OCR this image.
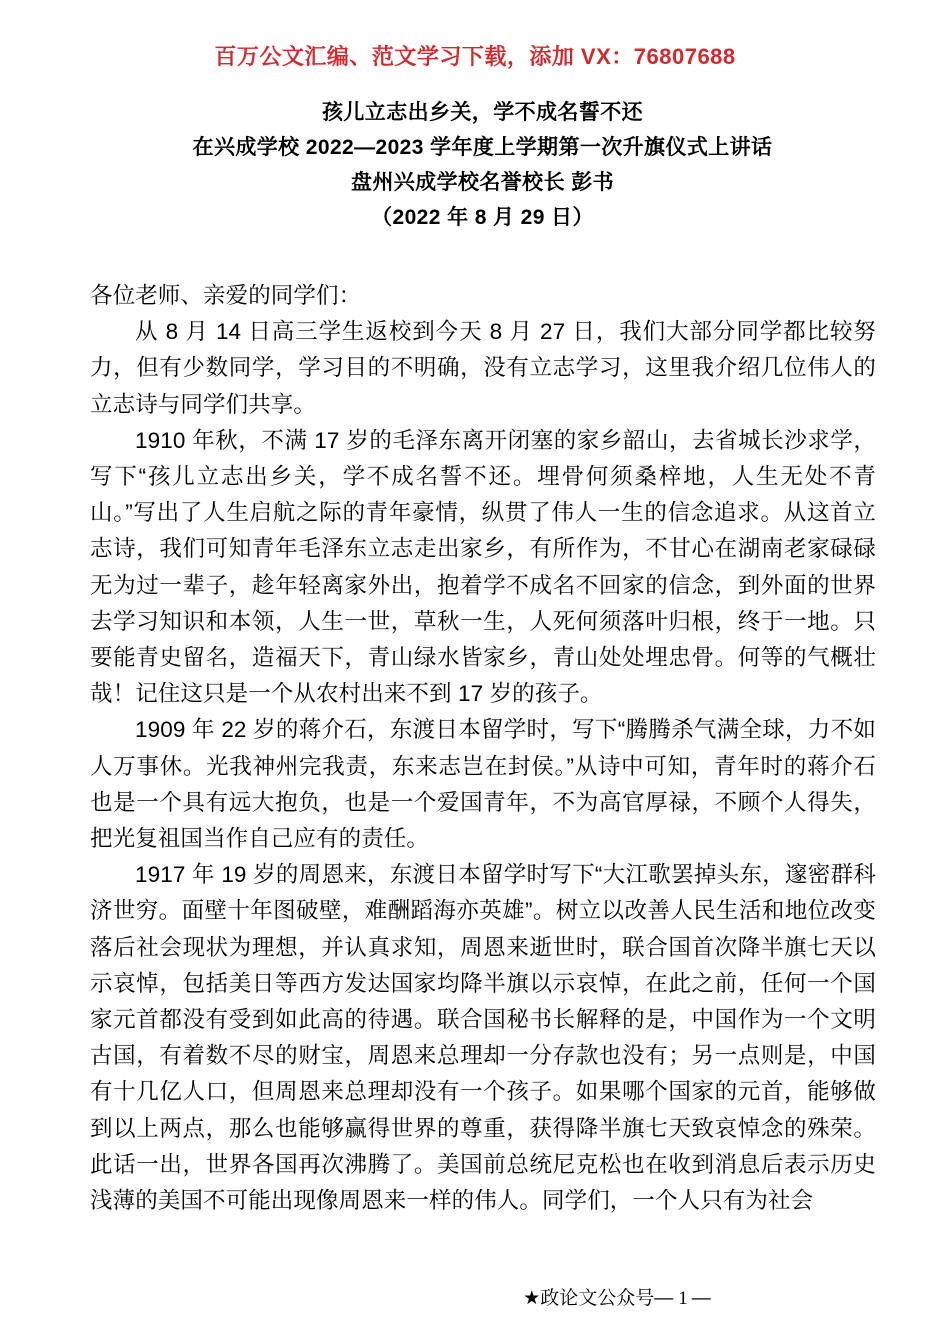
百万公文汇编、范文学习下载，添加 VX：76807688
孩儿立志出乡关，学不成名誓不还
在兴成学校 2022—2023 学年度上学期第一次升旗仪式上讲话
盘州兴成学校名誉校长 彭书
（2022 年 8 月 29 日）

各位老师、亲爱的同学们：

从 8 月 14 日高三学生返校到今天 8 月 27 日，我们大部分同学都比较努力，但有少数同学，学习目的不明确，没有立志学习，这里我介绍几位伟人的立志诗与同学们共享。

1910 年秋，不满 17 岁的毛泽东离开闭塞的家乡韶山，去省城长沙求学，写下“孩儿立志出乡关，学不成名誓不还。埋骨何须桑梓地，人生无处不青山。”写出了人生启航之际的青年豪情，纵贯了伟人一生的信念追求。从这首立志诗，我们可知青年毛泽东立志走出家乡，有所作为，不甘心在湖南老家碌碌无为过一辈子，趁年轻离家外出，抱着学不成名不回家的信念，到外面的世界去学习知识和本领，人生一世，草秋一生，人死何须落叶归根，终于一地。只要能青史留名，造福天下，青山绿水皆家乡，青山处处埋忠骨。何等的气概壮哉！记住这只是一个从农村出来不到 17 岁的孩子。

1909 年 22 岁的蒋介石，东渡日本留学时，写下“腾腾杀气满全球，力不如人万事休。光我神州完我责，东来志岂在封侯。”从诗中可知，青年时的蒋介石也是一个具有远大抱负，也是一个爱国青年，不为高官厚禄，不顾个人得失，把光复祖国当作自己应有的责任。

1917 年 19 岁的周恩来，东渡日本留学时写下“大江歌罢掉头东，邃密群科济世穷。面壁十年图破壁，难酬蹈海亦英雄”。树立以改善人民生活和地位改变落后社会现状为理想，并认真求知，周恩来逝世时，联合国首次降半旗七天以示哀悼，包括美日等西方发达国家均降半旗以示哀悼，在此之前，任何一个国家元首都没有受到如此高的待遇。联合国秘书长解释的是，中国作为一个文明古国，有着数不尽的财宝，周恩来总理却一分存款也没有；另一点则是，中国有十几亿人口，但周恩来总理却没有一个孩子。如果哪个国家的元首，能够做到以上两点，那么也能够赢得世界的尊重，获得降半旗七天致哀悼念的殊荣。此话一出，世界各国再次沸腾了。美国前总统尼克松也在收到消息后表示历史浅薄的美国不可能出现像周恩来一样的伟人。同学们，一个人只有为社会

★政论文公众号— 1 —
